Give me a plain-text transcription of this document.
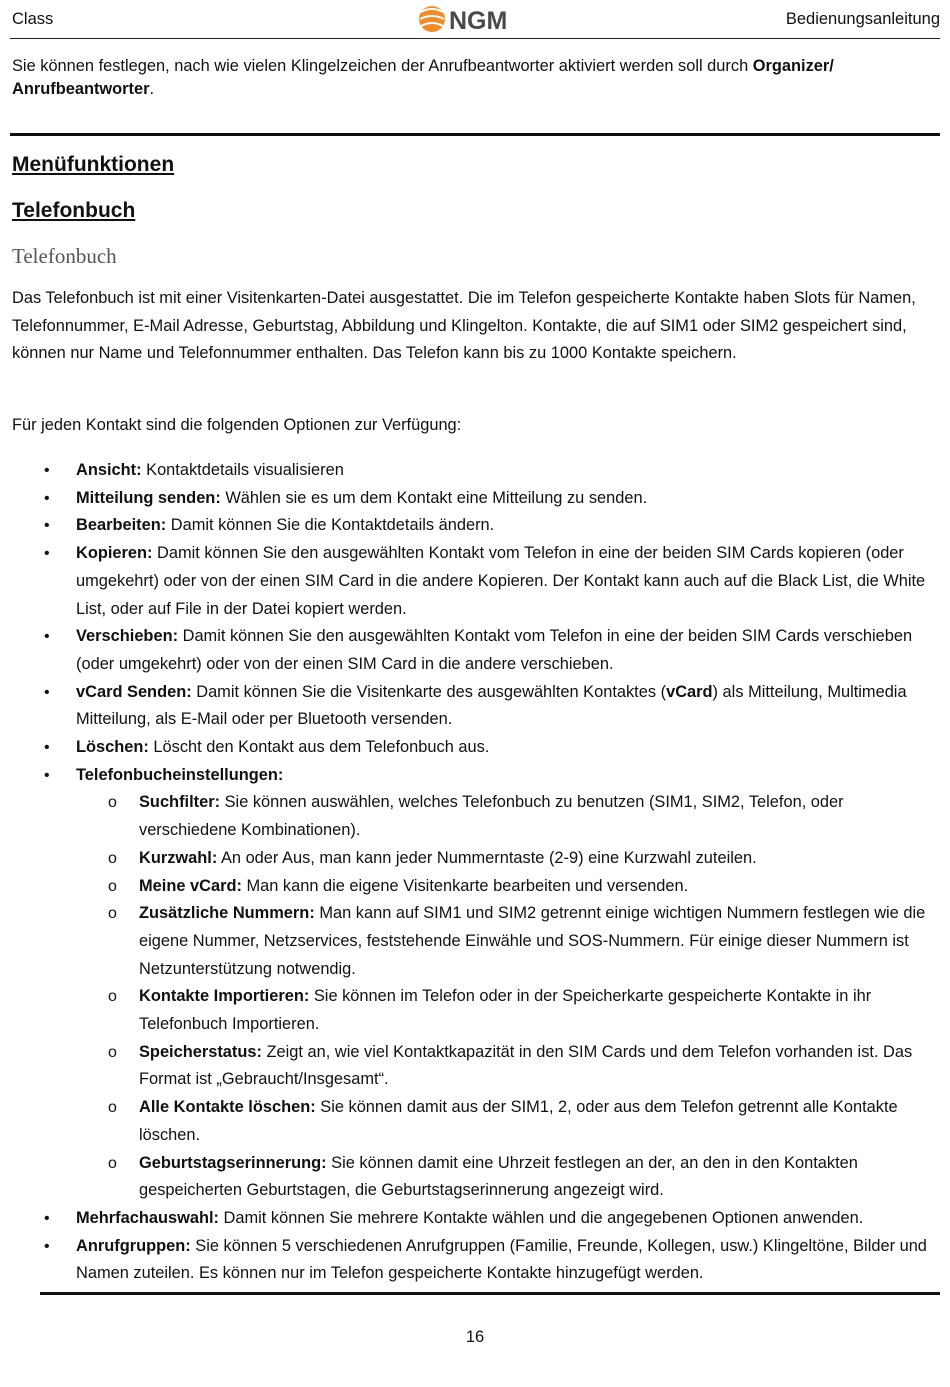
Class	NGM	Bedienungsanleitung
Sie können festlegen, nach wie vielen Klingelzeichen der Anrufbeantworter aktiviert werden soll durch Organizer/ Anrufbeantworter.
Menüfunktionen
Telefonbuch
Telefonbuch
Das Telefonbuch ist mit einer Visitenkarten-Datei ausgestattet. Die im Telefon gespeicherte Kontakte haben Slots für Namen, Telefonnummer, E-Mail Adresse, Geburtstag, Abbildung und Klingelton. Kontakte, die auf SIM1 oder SIM2 gespeichert sind, können nur Name und Telefonnummer enthalten. Das Telefon kann bis zu 1000 Kontakte speichern.
Für jeden Kontakt sind die folgenden Optionen zur Verfügung:
• Ansicht: Kontaktdetails visualisieren
• Mitteilung senden: Wählen sie es um dem Kontakt eine Mitteilung zu senden.
• Bearbeiten: Damit können Sie die Kontaktdetails ändern.
• Kopieren: Damit können Sie den ausgewählten Kontakt vom Telefon in eine der beiden SIM Cards kopieren (oder umgekehrt) oder von der einen SIM Card in die andere Kopieren. Der Kontakt kann auch auf die Black List, die White List, oder auf File in der Datei kopiert werden.
• Verschieben: Damit können Sie den ausgewählten Kontakt vom Telefon in eine der beiden SIM Cards verschieben (oder umgekehrt) oder von der einen SIM Card in die andere verschieben.
• vCard Senden: Damit können Sie die Visitenkarte des ausgewählten Kontaktes (vCard) als Mitteilung, Multimedia Mitteilung, als E-Mail oder per Bluetooth versenden.
• Löschen: Löscht den Kontakt aus dem Telefonbuch aus.
• Telefonbucheinstellungen:
o Suchfilter: Sie können auswählen, welches Telefonbuch zu benutzen (SIM1, SIM2, Telefon, oder verschiedene Kombinationen).
o Kurzwahl: An oder Aus, man kann jeder Nummerntaste (2-9) eine Kurzwahl zuteilen.
o Meine vCard: Man kann die eigene Visitenkarte bearbeiten und versenden.
o Zusätzliche Nummern: Man kann auf SIM1 und SIM2 getrennt einige wichtigen Nummern festlegen wie die eigene Nummer, Netzservices, feststehende Einwähle und SOS-Nummern. Für einige dieser Nummern ist Netzunterstützung notwendig.
o Kontakte Importieren: Sie können im Telefon oder in der Speicherkarte gespeicherte Kontakte in ihr Telefonbuch Importieren.
o Speicherstatus: Zeigt an, wie viel Kontaktkapazität in den SIM Cards und dem Telefon vorhanden ist. Das Format ist „Gebraucht/Insgesamt“.
o Alle Kontakte löschen: Sie können damit aus der SIM1, 2, oder aus dem Telefon getrennt alle Kontakte löschen.
o Geburtstagserinnerung: Sie können damit eine Uhrzeit festlegen an der, an den in den Kontakten gespeicherten Geburtstagen, die Geburtstagserinnerung angezeigt wird.
• Mehrfachauswahl: Damit können Sie mehrere Kontakte wählen und die angegebenen Optionen anwenden.
• Anrufgruppen: Sie können 5 verschiedenen Anrufgruppen (Familie, Freunde, Kollegen, usw.) Klingeltöne, Bilder und Namen zuteilen. Es können nur im Telefon gespeicherte Kontakte hinzugefügt werden.
16
